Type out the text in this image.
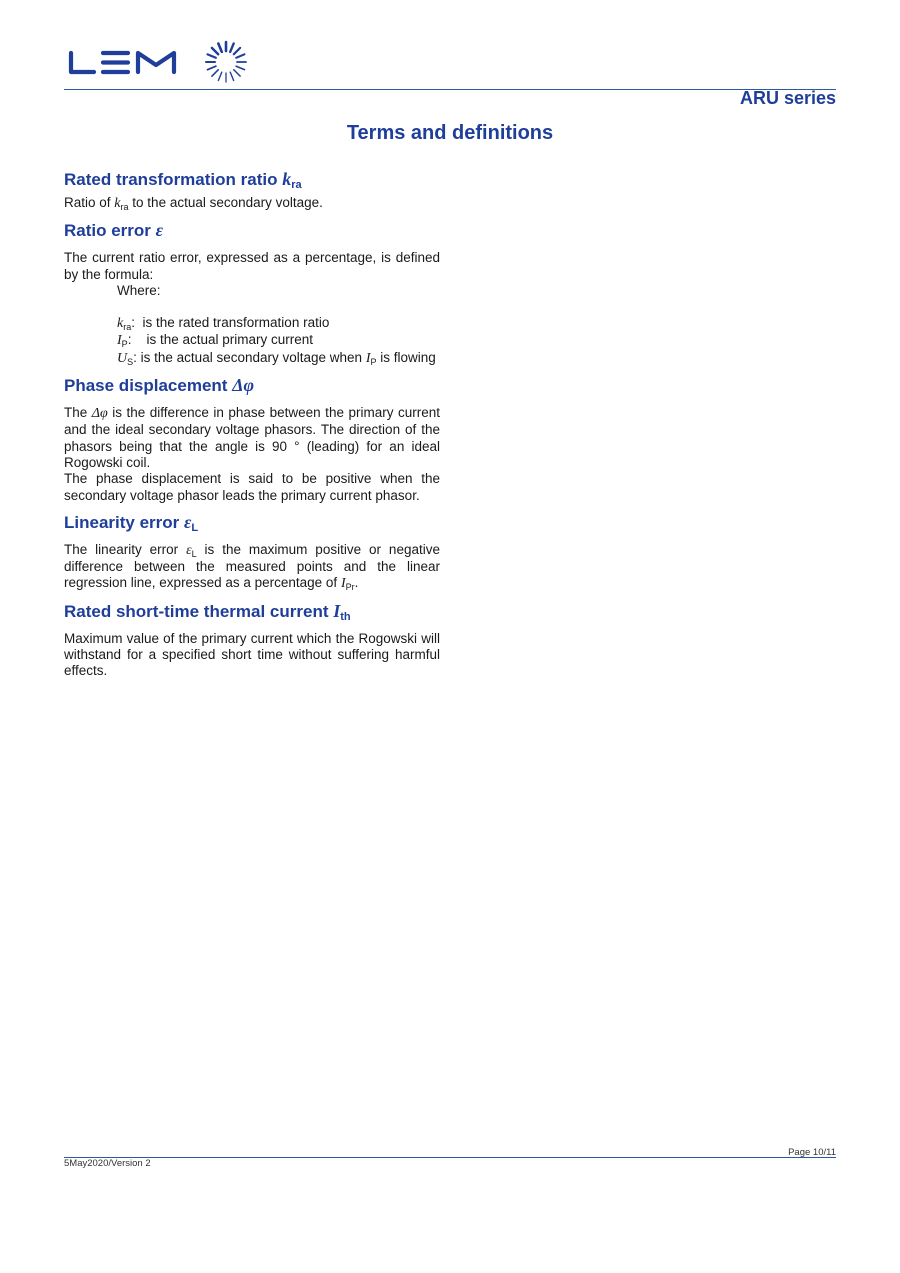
ARU series
Terms and definitions
Rated transformation ratio $k_{ra}$

Ratio of $k_{ra}$ to the actual secondary voltage.

Ratio error ε

The current ratio error, expressed as a percentage, is defined by the formula:

Where:
$k_{ra}$:  is the rated transformation ratio
$I_P$:    is the actual primary current
$U_S$: is the actual secondary voltage when $I_P$ is flowing
Phase displacement Δφ

The Δφ is the difference in phase between the primary current and the ideal secondary voltage phasors. The direction of the phasors being that the angle is 90 ° (leading) for an ideal Rogowski coil.

The phase displacement is said to be positive when the secondary voltage phasor leads the primary current phasor.

Linearity error $\varepsilon_L$

The linearity error $\varepsilon_L$ is the maximum positive or negative difference between the measured points and the linear regression line, expressed as a percentage of $I_{Pr}$.

Rated short-time thermal current $I_{th}$

Maximum value of the primary current which the Rogowski will withstand for a specified short time without suffering harmful effects.

Page 10/11
5May2020/Version 2
